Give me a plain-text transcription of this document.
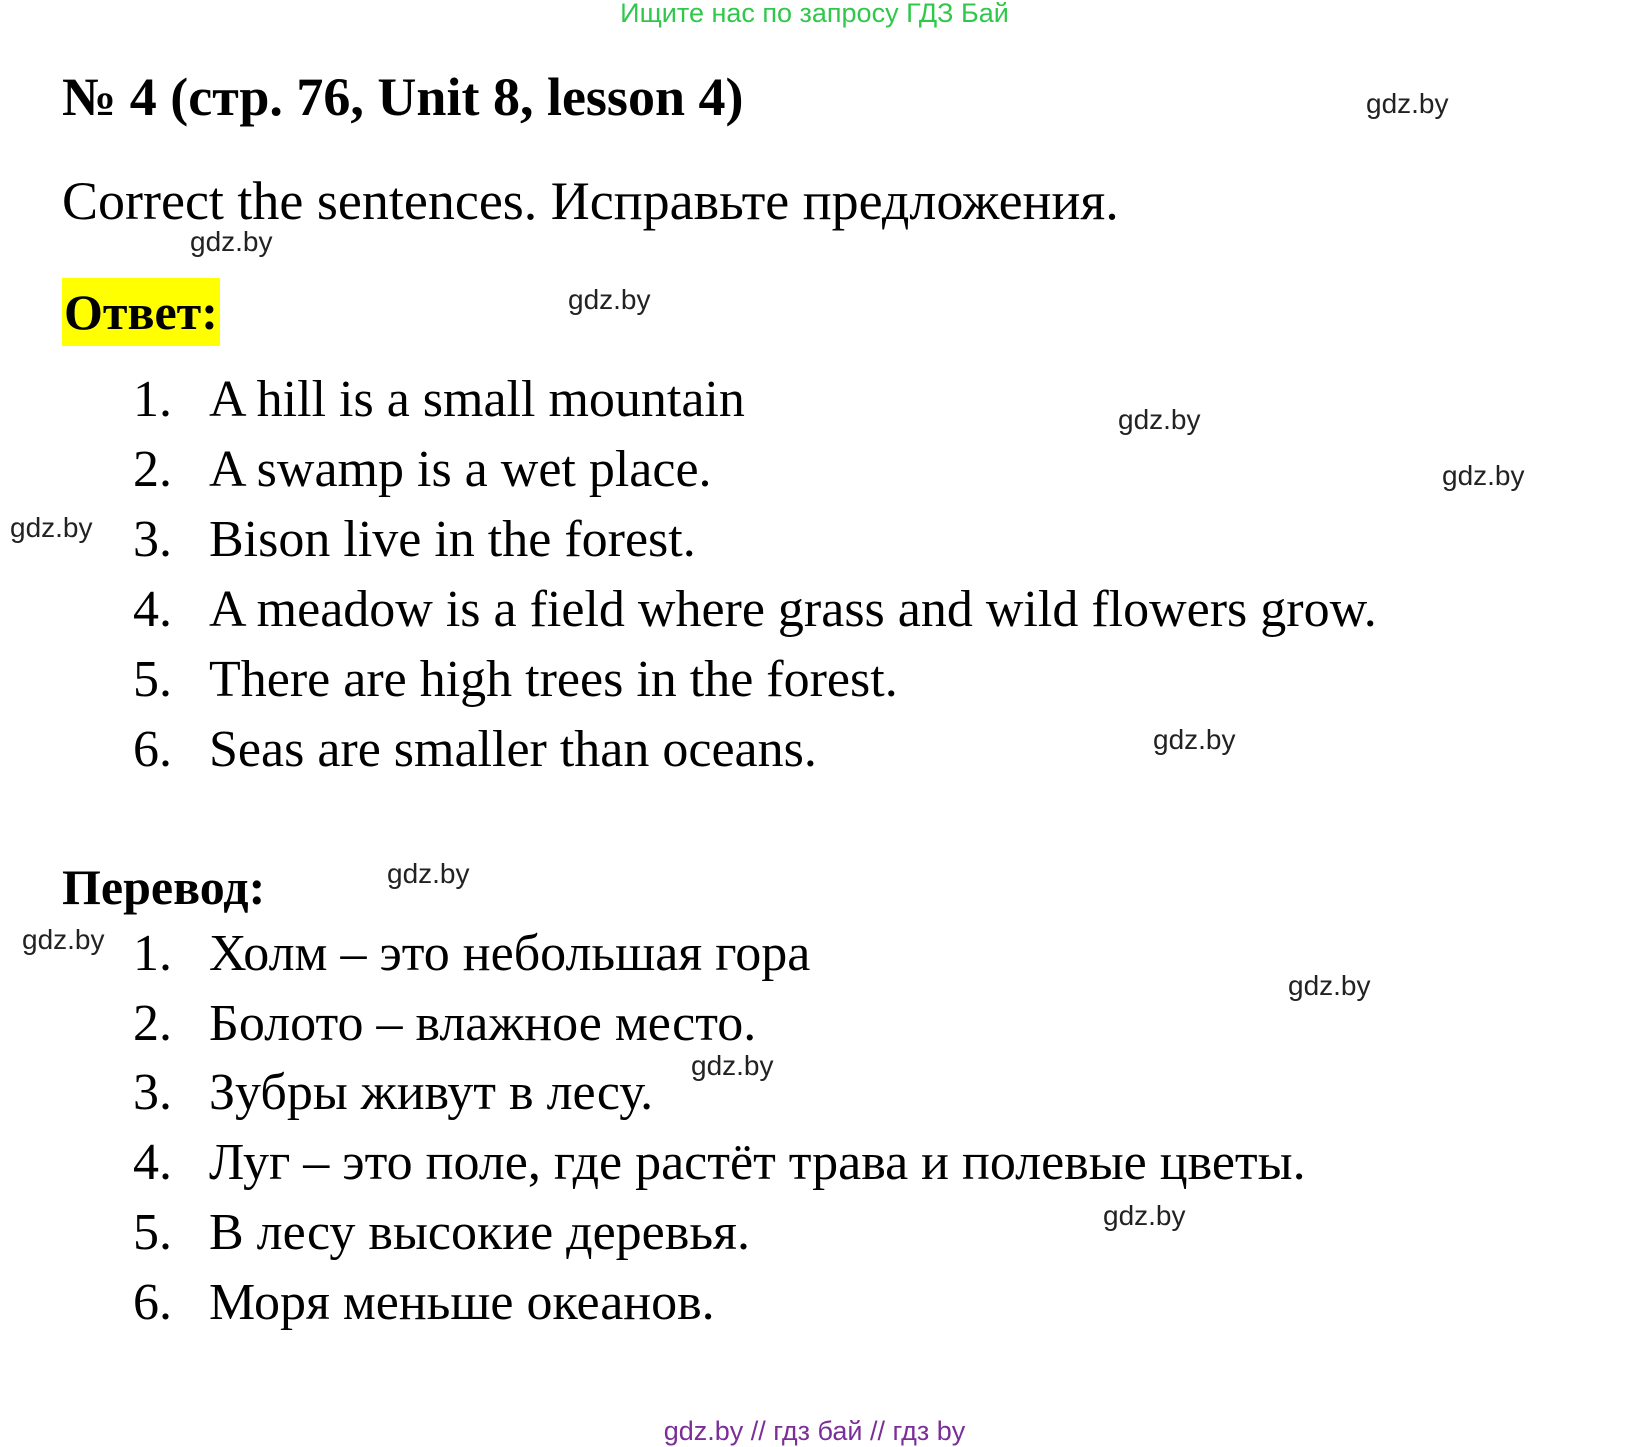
Ищите нас по запросу ГДЗ Бай
№ 4 (стр. 76, Unit 8, lesson 4)
Correct the sentences. Исправьте предложения.
Ответ:
1. A hill is a small mountain
2. A swamp is a wet place.
3. Bison live in the forest.
4. A meadow is a field where grass and wild flowers grow.
5. There are high trees in the forest.
6. Seas are smaller than oceans.
Перевод:
1. Холм – это небольшая гора
2. Болото – влажное место.
3. Зубры живут в лесу.
4. Луг – это поле, где растёт трава и полевые цветы.
5. В лесу высокие деревья.
6. Моря меньше океанов.
gdz.by
gdz.by
gdz.by
gdz.by
gdz.by
gdz.by
gdz.by
gdz.by
gdz.by
gdz.by
gdz.by
gdz.by
gdz.by // гдз бай // гдз by
